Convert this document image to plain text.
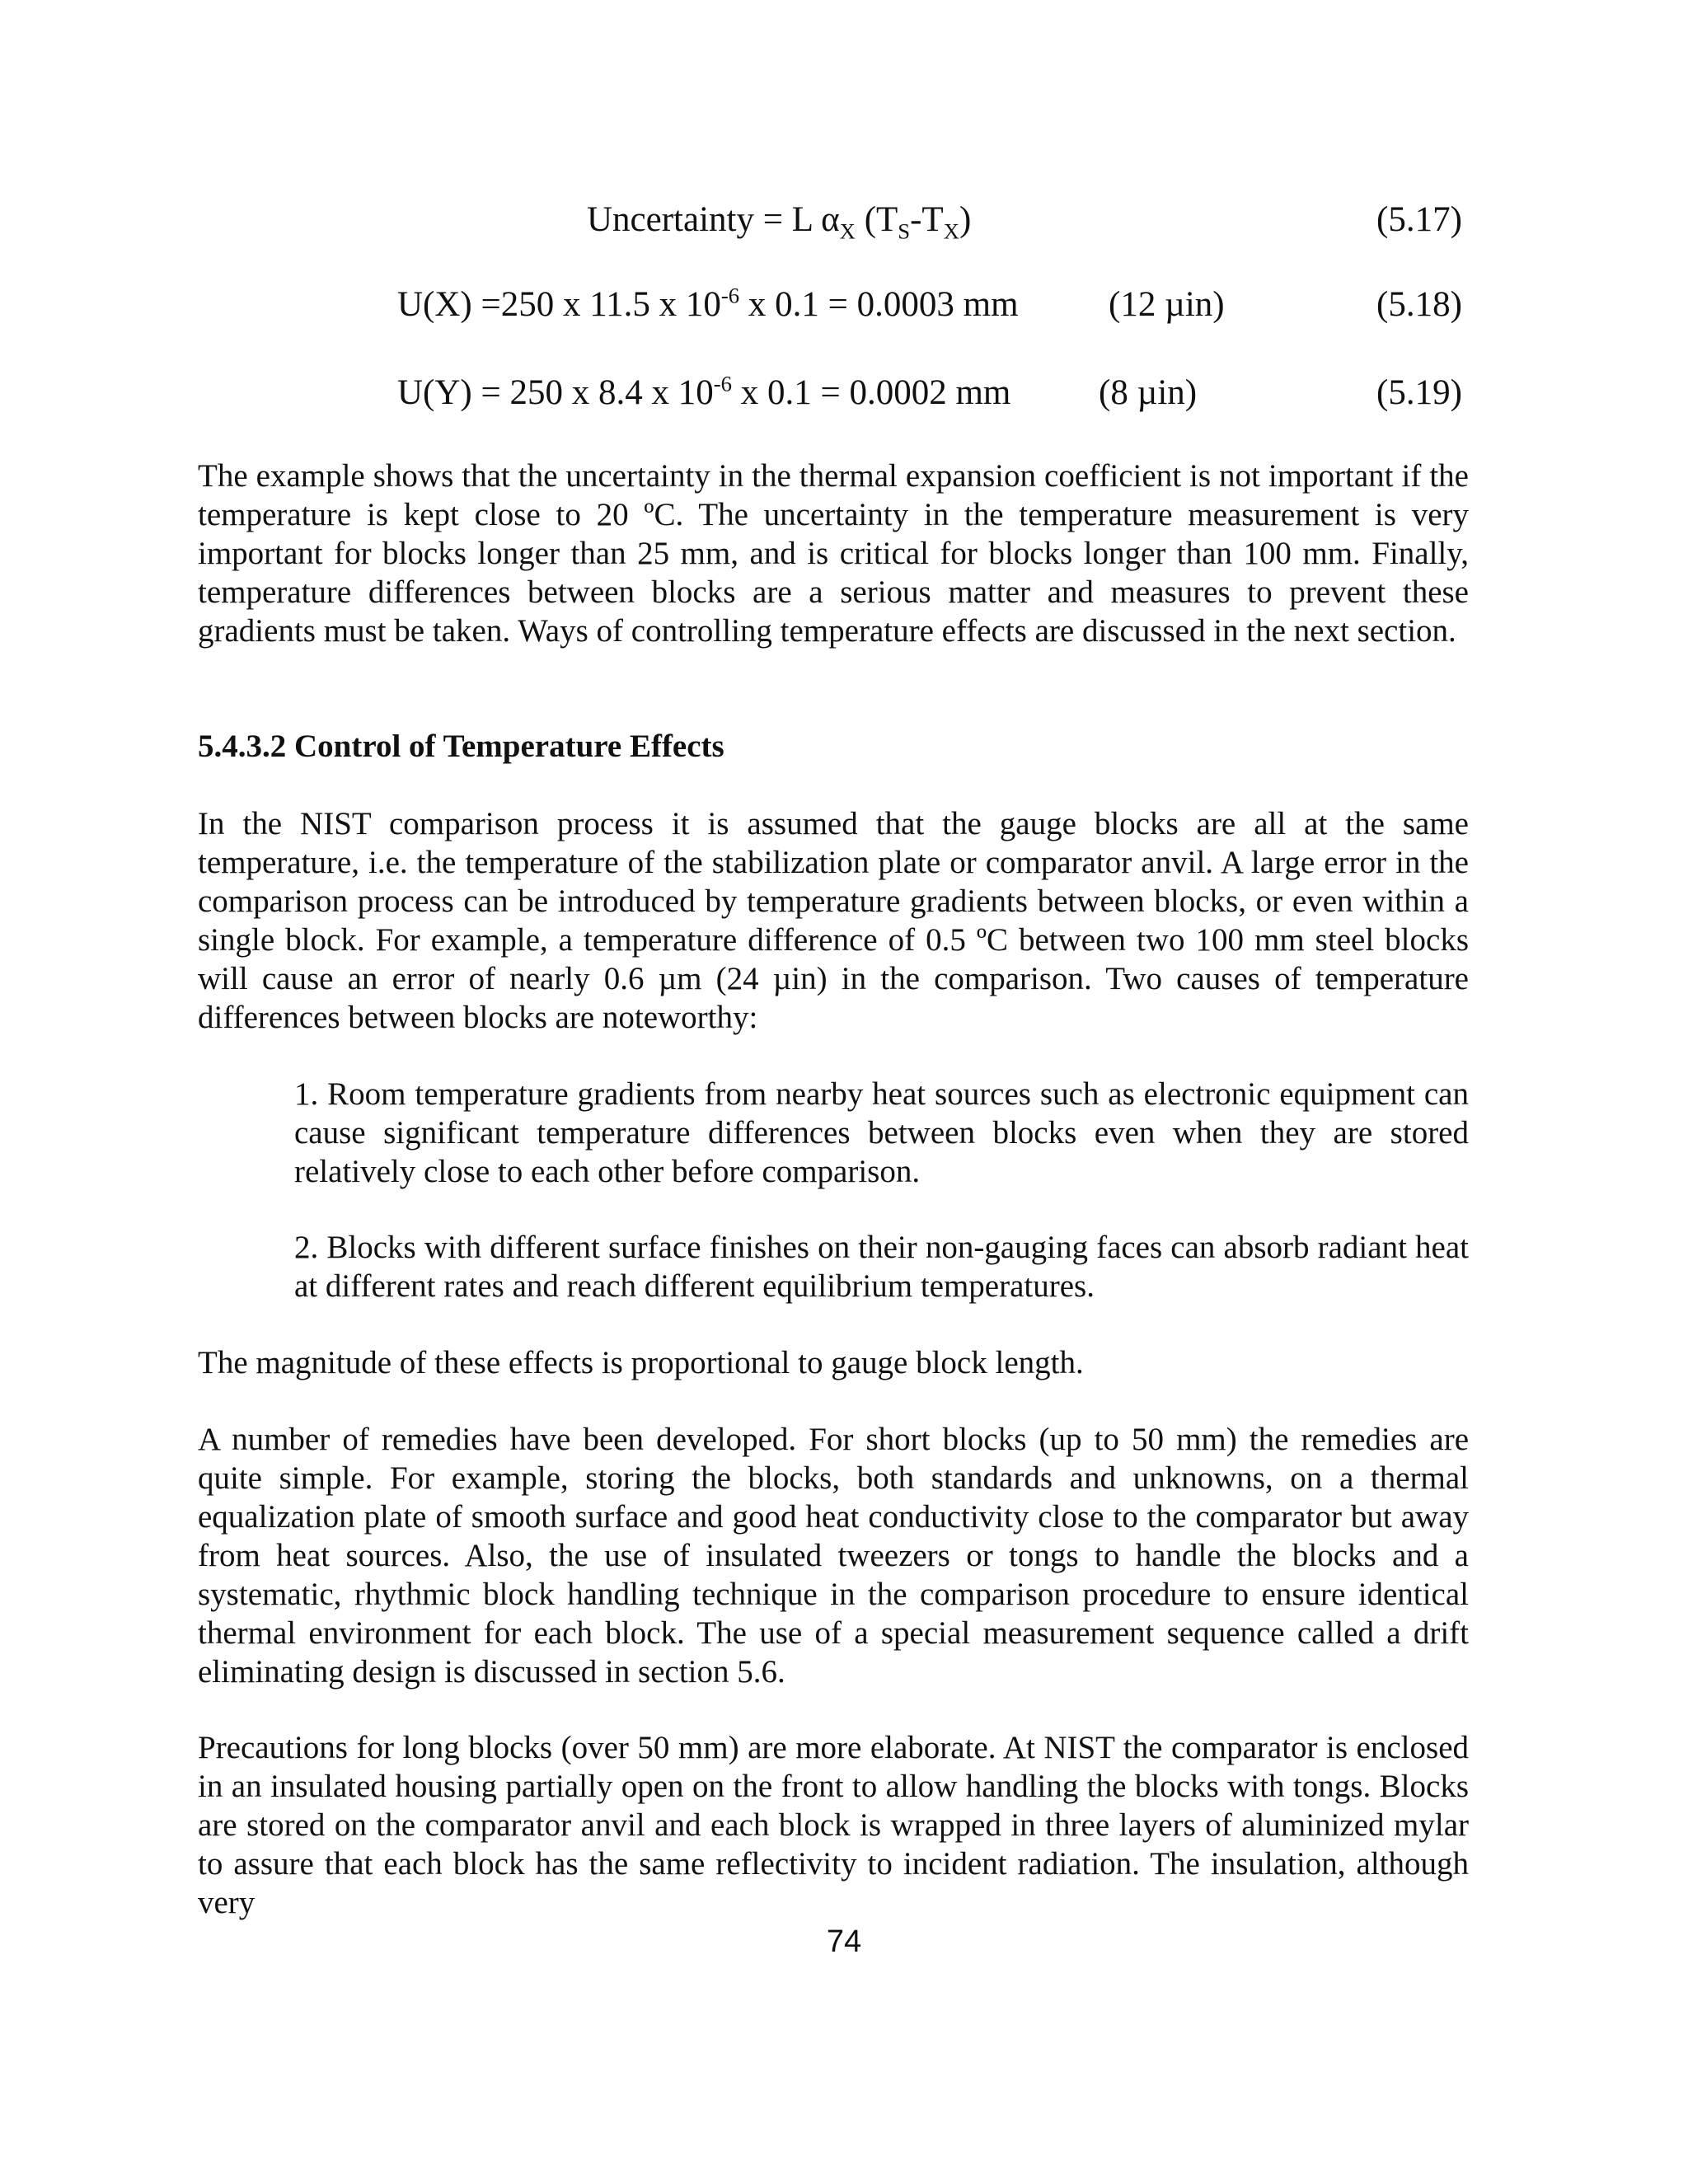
Uncertainty = L $\alpha_X$ $(T_S-T_X)$	(5.17)
U(X) =250 x 11.5 x $10^{-6}$ x 0.1 = 0.0003 mm	(12 µin)	(5.18)
U(Y) = 250 x 8.4 x $10^{-6}$ x 0.1 = 0.0002 mm (8 µin)	(5.19)

The example shows that the uncertainty in the thermal expansion coefficient is not important if the temperature is kept close to 20 ºC. The uncertainty in the temperature measurement is very important for blocks longer than 25 mm, and is critical for blocks longer than 100 mm. Finally, temperature differences between blocks are a serious matter and measures to prevent these gradients must be taken. Ways of controlling temperature effects are discussed in the next section.

5.4.3.2 Control of Temperature Effects

In the NIST comparison process it is assumed that the gauge blocks are all at the same temperature, i.e. the temperature of the stabilization plate or comparator anvil. A large error in the comparison process can be introduced by temperature gradients between blocks, or even within a single block. For example, a temperature difference of 0.5 ºC between two 100 mm steel blocks will cause an error of nearly 0.6 µm (24 µin) in the comparison. Two causes of temperature differences between blocks are noteworthy:

1. Room temperature gradients from nearby heat sources such as electronic equipment can cause significant temperature differences between blocks even when they are stored relatively close to each other before comparison.

2. Blocks with different surface finishes on their non-gauging faces can absorb radiant heat at different rates and reach different equilibrium temperatures.

The magnitude of these effects is proportional to gauge block length.

A number of remedies have been developed. For short blocks (up to 50 mm) the remedies are quite simple. For example, storing the blocks, both standards and unknowns, on a thermal equalization plate of smooth surface and good heat conductivity close to the comparator but away from heat sources. Also, the use of insulated tweezers or tongs to handle the blocks and a systematic, rhythmic block handling technique in the comparison procedure to ensure identical thermal environment for each block. The use of a special measurement sequence called a drift eliminating design is discussed in section 5.6.

Precautions for long blocks (over 50 mm) are more elaborate. At NIST the comparator is enclosed in an insulated housing partially open on the front to allow handling the blocks with tongs. Blocks are stored on the comparator anvil and each block is wrapped in three layers of aluminized mylar to assure that each block has the same reflectivity to incident radiation. The insulation, although very

74
